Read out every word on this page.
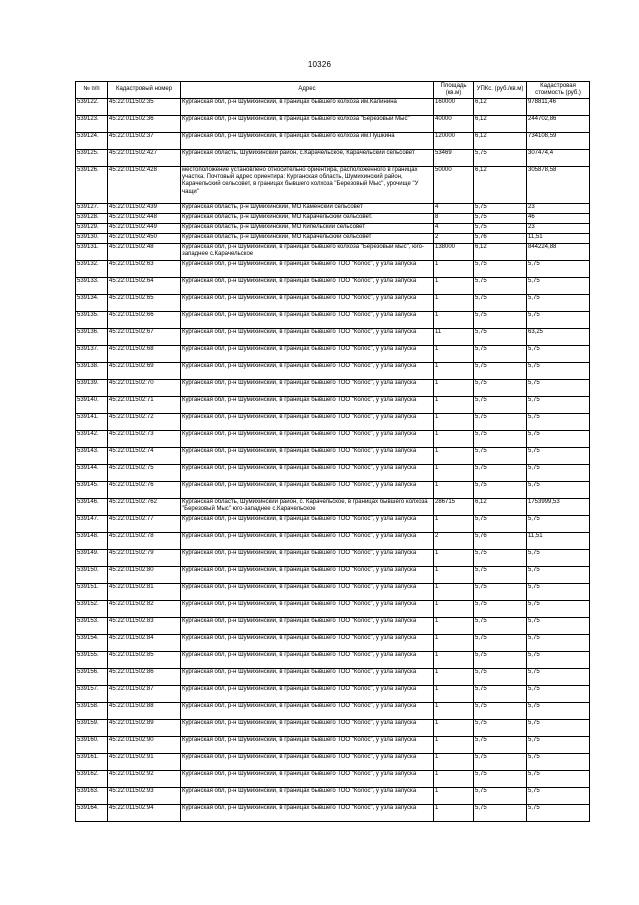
10326
№ п/п	Кадастровый номер	Адрес	Площадь (кв.м)	УПКс. (руб./кв.м)	Кадастровая стоимость (руб.)
539122.	45:22:011502:35	Курганская обл, р-н Шумихинский, в границах бывшего колхоза им.Калинина	160000	6,12	978811,46
539123.	45:22:011502:36	Курганская обл, р-н Шумихинский, в границах бывшего колхоза "Березовый Мыс"	40000	6,12	244702,86
539124.	45:22:011502:37	Курганская обл, р-н Шумихинский, в границах бывшего колхоза им.Пушкина	120000	6,12	734108,59
539125.	45:22:011502:427	Курганская область, Шумихинский район, с.Карачельское, Карачельский сельсовет	53469	5,75	307474,4
539126.	45:22:011502:428	местоположение установлено относительно ориентира, расположенного в границах участка. Почтовый адрес ориентира: Курганская область, Шумихинский район, Карачельский сельсовет, в границах бывшего колхоза "Березовый Мыс", урочище "У чащи"	50000	6,12	305878,58
539127.	45:22:011502:439	Курганская область, р-н Шумихинский, МО Каменский сельсовет	4	5,75	23
539128.	45:22:011502:448	Курганская область, р-н Шумихинский, МО Карачельский сельсовет.	8	5,75	46
539129.	45:22:011502:449	Курганская область, р-н Шумихинский, МО Кипельский сельсовет	4	5,75	23
539130.	45:22:011502:450	Курганская область, р-н Шумихинский, МО Карачельский сельсовет	2	5,76	11,51
539131.	45:22:011502:48	Курганская обл, р-н Шумихинский, в границах бывшего колхоза "Березовый мыс", юго-западнее с.Карачельское	138000	6,12	844224,88
539132.	45:22:011502:63	Курганская обл, р-н Шумихинский, в границах бывшего ТОО "Колос", у узла запуска	1	5,75	5,75
539133.	45:22:011502:64	Курганская обл, р-н Шумихинский, в границах бывшего ТОО "Колос", у узла запуска	1	5,75	5,75
539134.	45:22:011502:65	Курганская обл, р-н Шумихинский, в границах бывшего ТОО "Колос", у узла запуска	1	5,75	5,75
539135.	45:22:011502:66	Курганская обл, р-н Шумихинский, в границах бывшего ТОО "Колос", у узла запуска	1	5,75	5,75
539136.	45:22:011502:67	Курганская обл, р-н Шумихинский, в границах бывшего ТОО "Колос", у узла запуска	11	5,75	63,25
539137.	45:22:011502:68	Курганская обл, р-н Шумихинский, в границах бывшего ТОО "Колос", у узла запуска	1	5,75	5,75
539138.	45:22:011502:69	Курганская обл, р-н Шумихинский, в границах бывшего ТОО "Колос", у узла запуска	1	5,75	5,75
539139.	45:22:011502:70	Курганская обл, р-н Шумихинский, в границах бывшего ТОО "Колос", у узла запуска	1	5,75	5,75
539140.	45:22:011502:71	Курганская обл, р-н Шумихинский, в границах бывшего ТОО "Колос", у узла запуска	1	5,75	5,75
539141.	45:22:011502:72	Курганская обл, р-н Шумихинский, в границах бывшего ТОО "Колос", у узла запуска	1	5,75	5,75
539142.	45:22:011502:73	Курганская обл, р-н Шумихинский, в границах бывшего ТОО "Колос", у узла запуска	1	5,75	5,75
539143.	45:22:011502:74	Курганская обл, р-н Шумихинский, в границах бывшего ТОО "Колос", у узла запуска	1	5,75	5,75
539144.	45:22:011502:75	Курганская обл, р-н Шумихинский, в границах бывшего ТОО "Колос", у узла запуска	1	5,75	5,75
539145.	45:22:011502:76	Курганская обл, р-н Шумихинский, в границах бывшего ТОО "Колос", у узла запуска	1	5,75	5,75
539146.	45:22:011502:762	Курганская область, Шумихинский район, с. Карачельское, в границах бывшего колхоза "Березовый Мыс" юго-западнее с.Карачельское	286715	6,12	1753999,53
539147.	45:22:011502:77	Курганская обл, р-н Шумихинский, в границах бывшего ТОО "Колос", у узла запуска	1	5,75	5,75
539148.	45:22:011502:78	Курганская обл, р-н Шумихинский, в границах бывшего ТОО "Колос", у узла запуска	2	5,76	11,51
539149.	45:22:011502:79	Курганская обл, р-н Шумихинский, в границах бывшего ТОО "Колос", у узла запуска	1	5,75	5,75
539150.	45:22:011502:80	Курганская обл, р-н Шумихинский, в границах бывшего ТОО "Колос", у узла запуска	1	5,75	5,75
539151.	45:22:011502:81	Курганская обл, р-н Шумихинский, в границах бывшего ТОО "Колос", у узла запуска	1	5,75	5,75
539152.	45:22:011502:82	Курганская обл, р-н Шумихинский, в границах бывшего ТОО "Колос", у узла запуска	1	5,75	5,75
539153.	45:22:011502:83	Курганская обл, р-н Шумихинский, в границах бывшего ТОО "Колос", у узла запуска	1	5,75	5,75
539154.	45:22:011502:84	Курганская обл, р-н Шумихинский, в границах бывшего ТОО "Колос", у узла запуска	1	5,75	5,75
539155.	45:22:011502:85	Курганская обл, р-н Шумихинский, в границах бывшего ТОО "Колос", у узла запуска	1	5,75	5,75
539156.	45:22:011502:86	Курганская обл, р-н Шумихинский, в границах бывшего ТОО "Колос", у узла запуска	1	5,75	5,75
539157.	45:22:011502:87	Курганская обл, р-н Шумихинский, в границах бывшего ТОО "Колос", у узла запуска	1	5,75	5,75
539158.	45:22:011502:88	Курганская обл, р-н Шумихинский, в границах бывшего ТОО "Колос", у узла запуска	1	5,75	5,75
539159.	45:22:011502:89	Курганская обл, р-н Шумихинский, в границах бывшего ТОО "Колос", у узла запуска	1	5,75	5,75
539160.	45:22:011502:90	Курганская обл, р-н Шумихинский, в границах бывшего ТОО "Колос", у узла запуска	1	5,75	5,75
539161.	45:22:011502:91	Курганская обл, р-н Шумихинский, в границах бывшего ТОО "Колос", у узла запуска	1	5,75	5,75
539162.	45:22:011502:92	Курганская обл, р-н Шумихинский, в границах бывшего ТОО "Колос", у узла запуска	1	5,75	5,75
539163.	45:22:011502:93	Курганская обл, р-н Шумихинский, в границах бывшего ТОО "Колос", у узла запуска	1	5,75	5,75
539164.	45:22:011502:94	Курганская обл, р-н Шумихинский, в границах бывшего ТОО "Колос", у узла запуска	1	5,75	5,75
